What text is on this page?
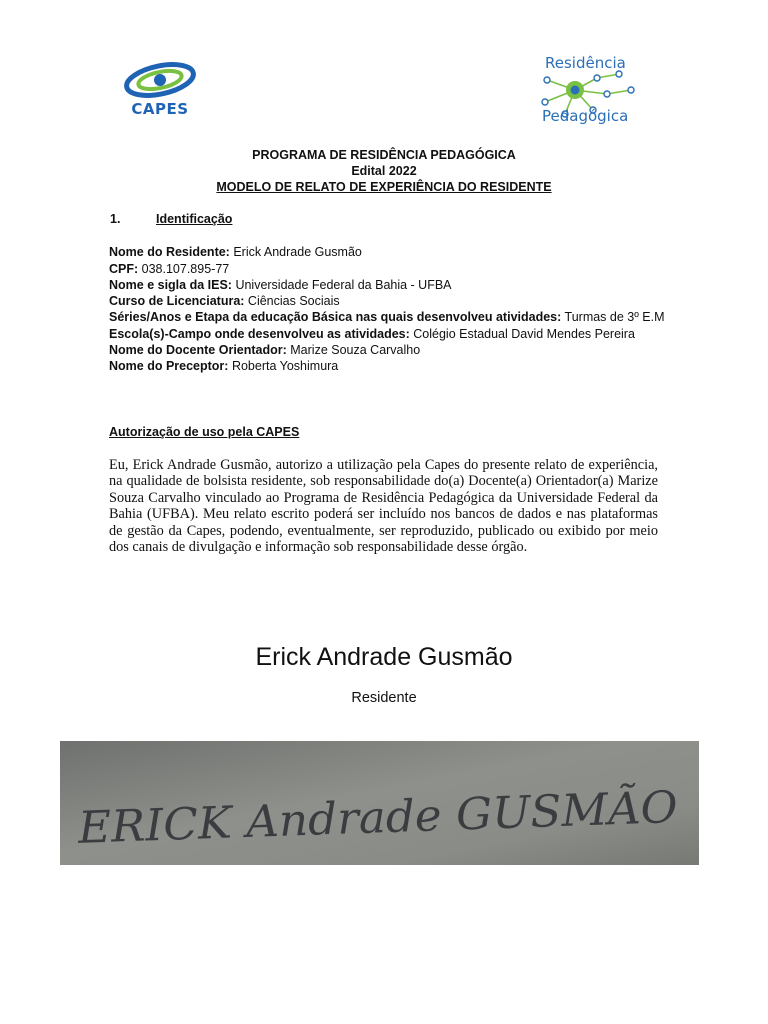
CAPES
Residência
Pedagógica
PROGRAMA DE RESIDÊNCIA PEDAGÓGICA
Edital 2022
MODELO DE RELATO DE EXPERIÊNCIA DO RESIDENTE
1.	Identificação
Nome do Residente: Erick Andrade Gusmão
CPF: 038.107.895-77
Nome e sigla da IES: Universidade Federal da Bahia - UFBA
Curso de Licenciatura: Ciências Sociais
Séries/Anos e Etapa da educação Básica nas quais desenvolveu atividades: Turmas de 3º E.M
Escola(s)-Campo onde desenvolveu as atividades: Colégio Estadual David Mendes Pereira
Nome do Docente Orientador: Marize Souza Carvalho
Nome do Preceptor: Roberta Yoshimura
Autorização de uso pela CAPES
Eu, Erick Andrade Gusmão, autorizo a utilização pela Capes do presente relato de experiência, na qualidade de bolsista residente, sob responsabilidade do(a) Docente(a) Orientador(a) Marize Souza Carvalho vinculado ao Programa de Residência Pedagógica da Universidade Federal da Bahia (UFBA). Meu relato escrito poderá ser incluído nos bancos de dados e nas plataformas de gestão da Capes, podendo, eventualmente, ser reproduzido, publicado ou exibido por meio dos canais de divulgação e informação sob responsabilidade desse órgão.
Erick Andrade Gusmão
Residente
ERICK Andrade GUSMÃO
